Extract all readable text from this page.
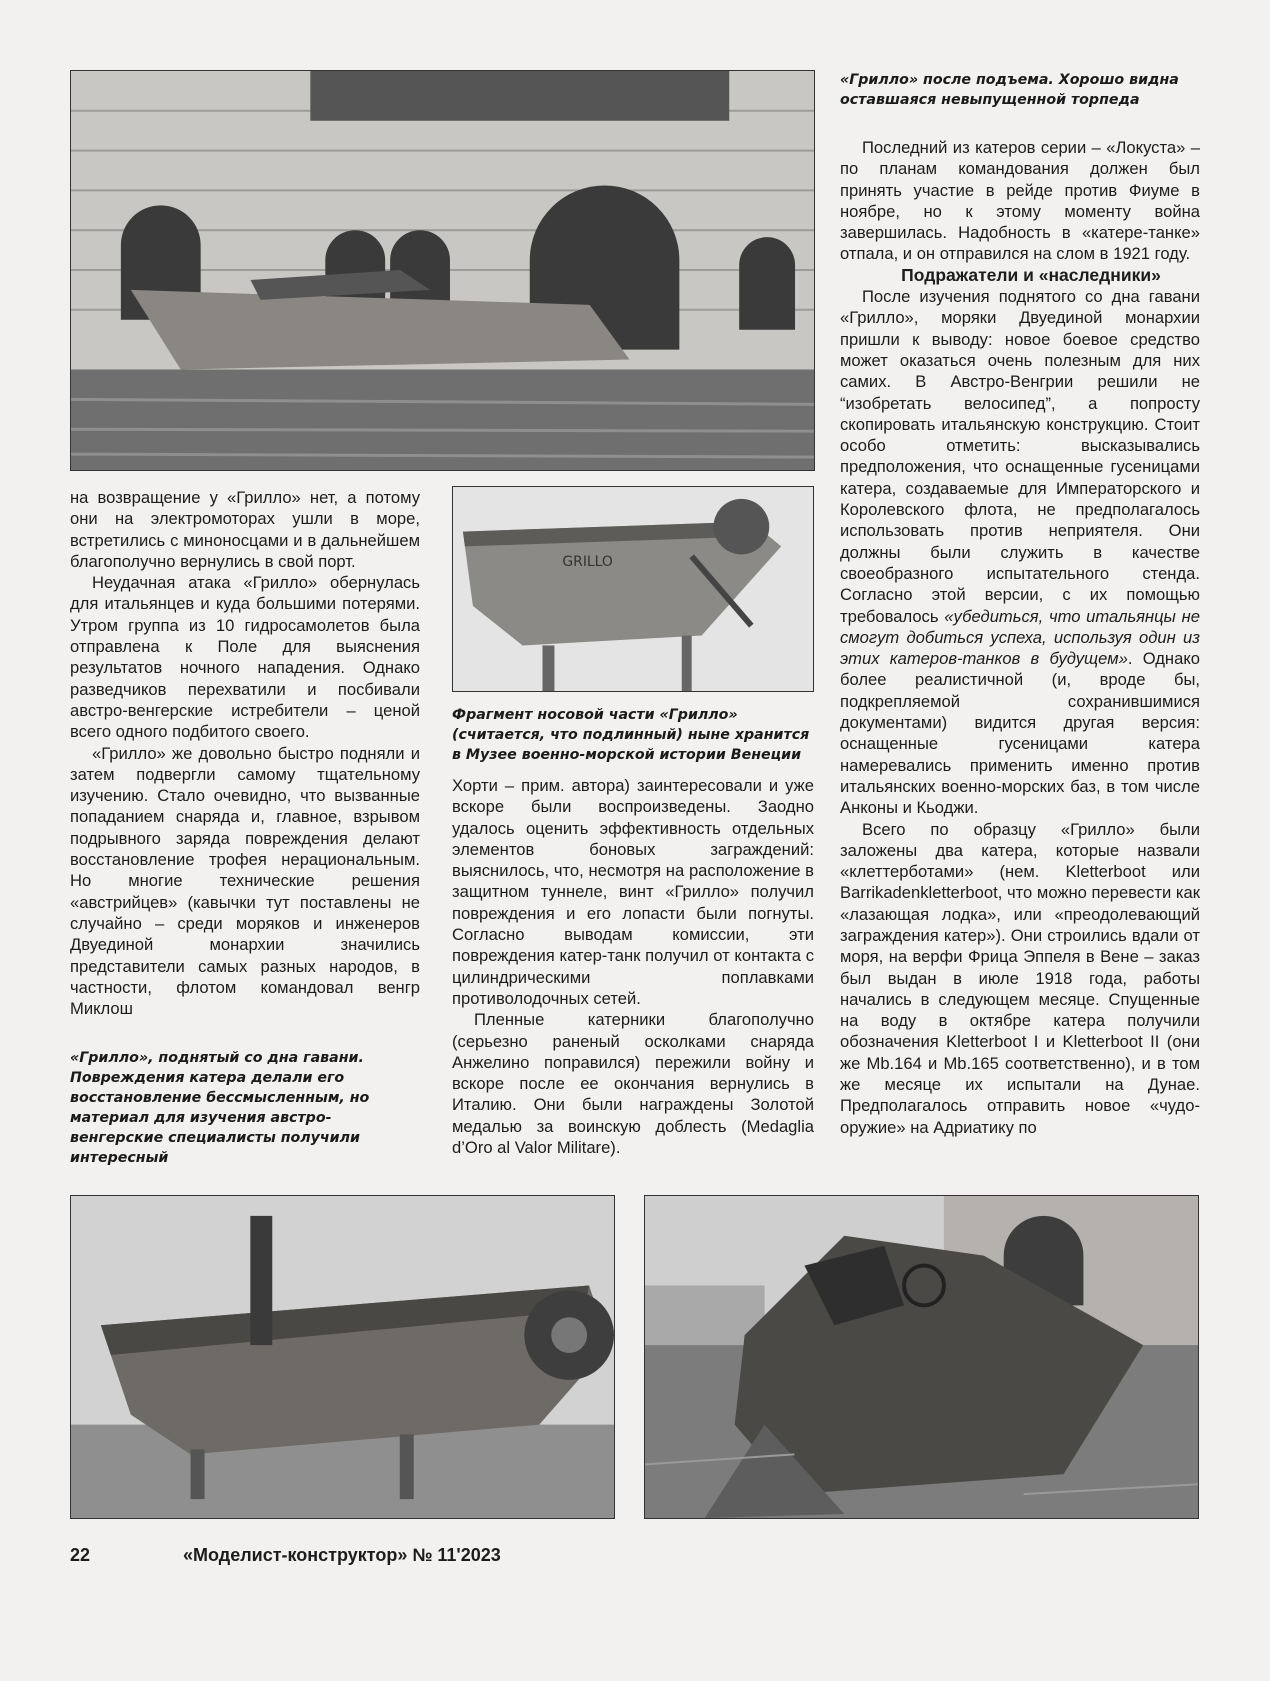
«Грилло» после подъема. Хорошо видна оставшаяся невыпущенной торпеда

Последний из катеров серии – «Локуста» – по планам командования должен был принять участие в рейде против Фиуме в ноябре, но к этому моменту война завершилась. Надобность в «катере-танке» отпала, и он отправился на слом в 1921 году.

Подражатели и «наследники»

После изучения поднятого со дна гавани «Грилло», моряки Двуединой монархии пришли к выводу: новое боевое средство может оказаться очень полезным для них самих. В Австро-Венгрии решили не “изобретать велосипед”, а попросту скопировать итальянскую конструкцию. Стоит особо отметить: высказывались предположения, что оснащенные гусеницами катера, создаваемые для Императорского и Королевского флота, не предполагалось использовать против неприятеля. Они должны были служить в качестве своеобразного испытательного стенда. Согласно этой версии, с их помощью требовалось «убедиться, что итальянцы не смогут добиться успеха, используя один из этих катеров-танков в будущем». Однако более реалистичной (и, вроде бы, подкрепляемой сохранившимися документами) видится другая версия: оснащенные гусеницами катера намеревались применить именно против итальянских военно-морских баз, в том числе Анконы и Кьоджи.

Всего по образцу «Грилло» были заложены два катера, которые назвали «клеттерботами» (нем. Kletterboot или Barrikadenkletterboot, что можно перевести как «лазающая лодка», или «преодолевающий заграждения катер»). Они строились вдали от моря, на верфи Фрица Эппеля в Вене – заказ был выдан в июле 1918 года, работы начались в следующем месяце. Спущенные на воду в октябре катера получили обозначения Kletterboot I и Kletterboot II (они же Mb.164 и Mb.165 соответственно), и в том же месяце их испытали на Дунае. Предполагалось отправить новое «чудо-оружие» на Адриатику по

на возвращение у «Грилло» нет, а потому они на электромоторах ушли в море, встретились с миноносцами и в дальнейшем благополучно вернулись в свой порт.

Неудачная атака «Грилло» обернулась для итальянцев и куда большими потерями. Утром группа из 10 гидросамолетов была отправлена к Поле для выяснения результатов ночного нападения. Однако разведчиков перехватили и посбивали австро-венгерские истребители – ценой всего одного подбитого своего.

«Грилло» же довольно быстро подняли и затем подвергли самому тщательному изучению. Стало очевидно, что вызванные попаданием снаряда и, главное, взрывом подрывного заряда повреждения делают восстановление трофея нерациональным. Но многие технические решения «австрийцев» (кавычки тут поставлены не случайно – среди моряков и инженеров Двуединой монархии значились представители самых разных народов, в частности, флотом командовал венгр Миклош

«Грилло», поднятый со дна гавани. Повреждения катера делали его восстановление бессмысленным, но материал для изучения австро-венгерские специалисты получили интересный
GRILLO
Фрагмент носовой части «Грилло» (считается, что подлинный) ныне хранится в Музее военно-морской истории Венеции

Хорти – прим. автора) заинтересовали и уже вскоре были воспроизведены. Заодно удалось оценить эффективность отдельных элементов боновых заграждений: выяснилось, что, несмотря на расположение в защитном туннеле, винт «Грилло» получил повреждения и его лопасти были погнуты. Согласно выводам комиссии, эти повреждения катер-танк получил от контакта с цилиндрическими поплавками противолодочных сетей.

Пленные катерники благополучно (серьезно раненый осколками снаряда Анжелино поправился) пережили войну и вскоре после ее окончания вернулись в Италию. Они были награждены Золотой медалью за воинскую доблесть (Medaglia d’Oro al Valor Militare).

22	«Моделист-конструктор» № 11'2023
